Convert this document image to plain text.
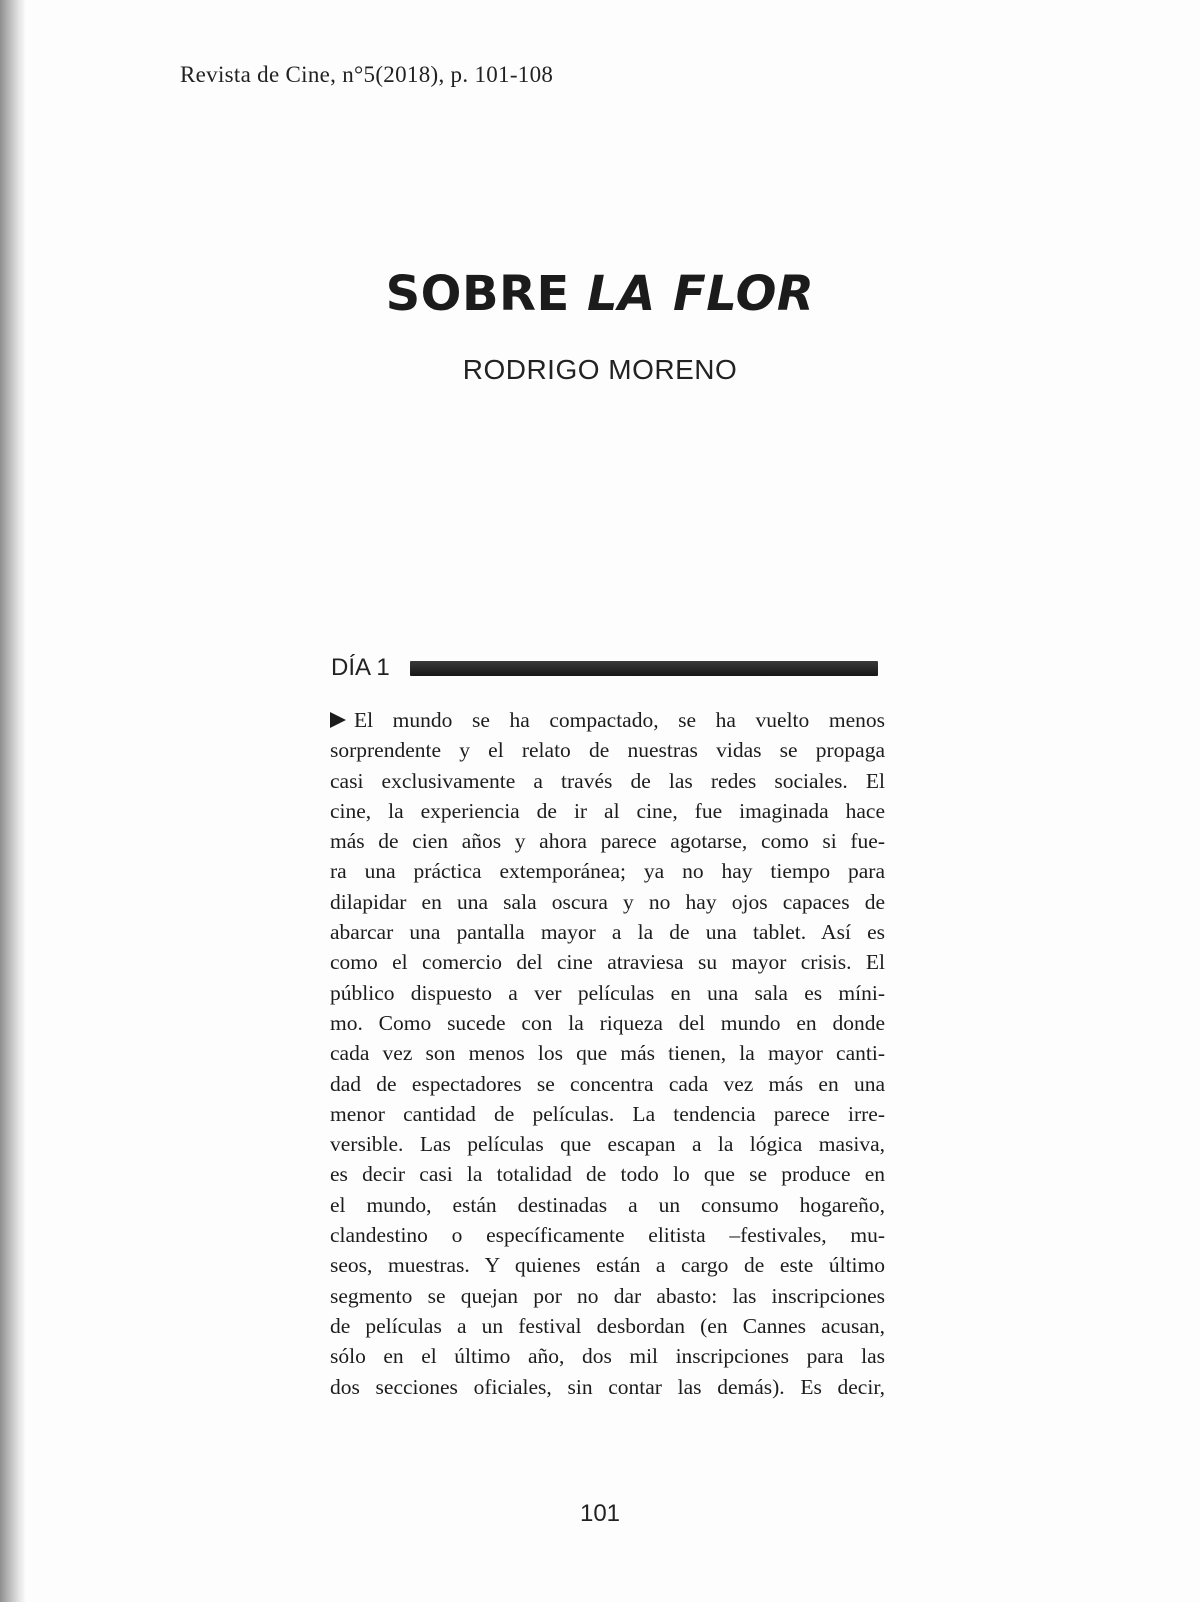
Revista de Cine, n°5(2018), p. 101-108
SOBRE LA FLOR
RODRIGO MORENO
DÍA 1
El mundo se ha compactado, se ha vuelto menos
sorprendente y el relato de nuestras vidas se propaga
casi exclusivamente a través de las redes sociales. El
cine, la experiencia de ir al cine, fue imaginada hace
más de cien años y ahora parece agotarse, como si fue-
ra una práctica extemporánea; ya no hay tiempo para
dilapidar en una sala oscura y no hay ojos capaces de
abarcar una pantalla mayor a la de una tablet. Así es
como el comercio del cine atraviesa su mayor crisis. El
público dispuesto a ver películas en una sala es míni-
mo. Como sucede con la riqueza del mundo en donde
cada vez son menos los que más tienen, la mayor canti-
dad de espectadores se concentra cada vez más en una
menor cantidad de películas. La tendencia parece irre-
versible. Las películas que escapan a la lógica masiva,
es decir casi la totalidad de todo lo que se produce en
el mundo, están destinadas a un consumo hogareño,
clandestino o específicamente elitista –festivales, mu-
seos, muestras. Y quienes están a cargo de este último
segmento se quejan por no dar abasto: las inscripciones
de películas a un festival desbordan (en Cannes acusan,
sólo en el último año, dos mil inscripciones para las
dos secciones oficiales, sin contar las demás). Es decir,
101
